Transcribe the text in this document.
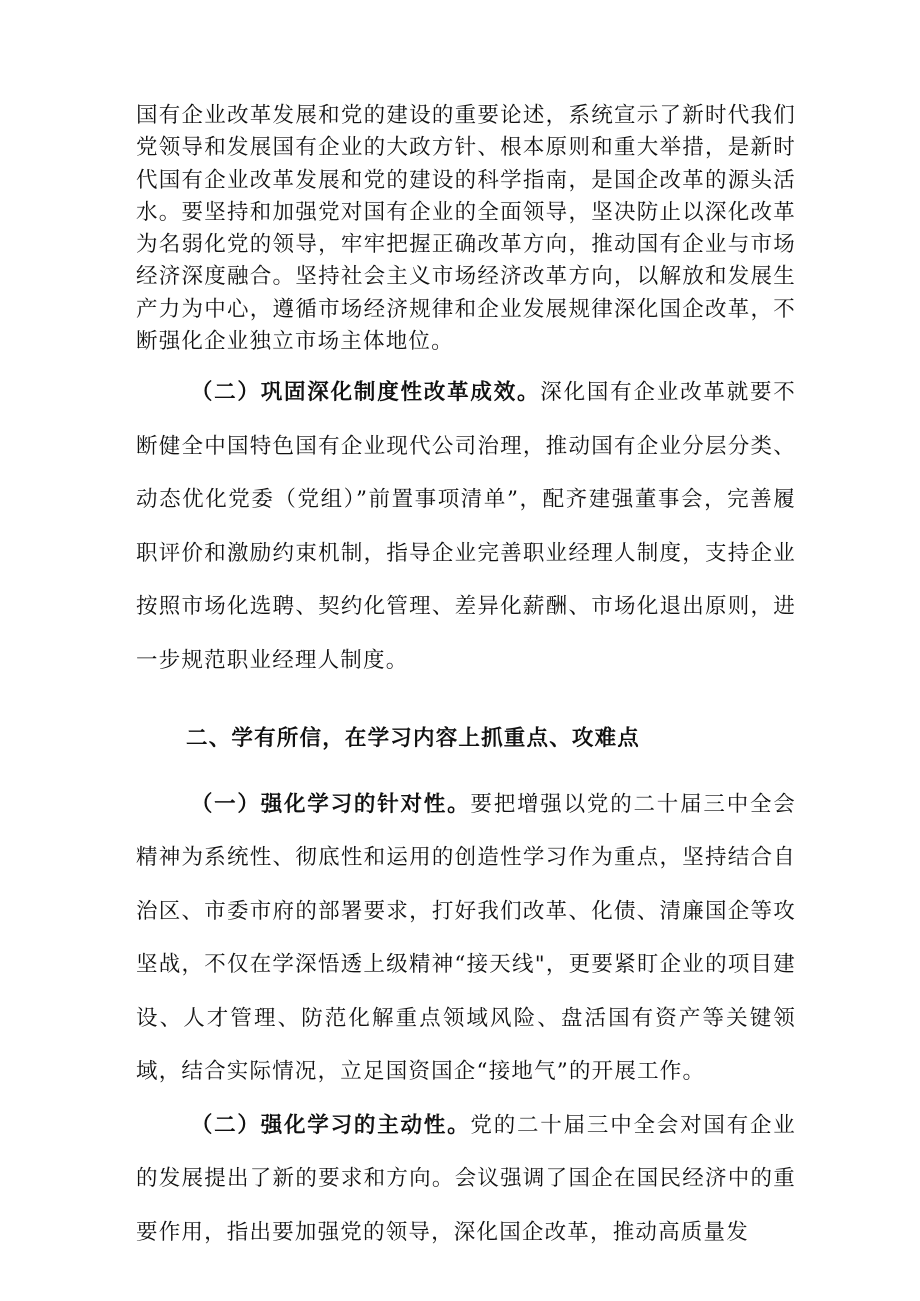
国有企业改革发展和党的建设的重要论述，系统宣示了新时代我们党领导和发展国有企业的大政方针、根本原则和重大举措，是新时代国有企业改革发展和党的建设的科学指南，是国企改革的源头活水。要坚持和加强党对国有企业的全面领导，坚决防止以深化改革为名弱化党的领导，牢牢把握正确改革方向，推动国有企业与市场经济深度融合。坚持社会主义市场经济改革方向，以解放和发展生产力为中心，遵循市场经济规律和企业发展规律深化国企改革，不断强化企业独立市场主体地位。

（二）巩固深化制度性改革成效。深化国有企业改革就要不断健全中国特色国有企业现代公司治理，推动国有企业分层分类、动态优化党委（党组）”前置事项清单”，配齐建强董事会，完善履职评价和激励约束机制，指导企业完善职业经理人制度，支持企业按照市场化选聘、契约化管理、差异化薪酬、市场化退出原则，进一步规范职业经理人制度。

二、学有所信，在学习内容上抓重点、攻难点

（一）强化学习的针对性。要把增强以党的二十届三中全会精神为系统性、彻底性和运用的创造性学习作为重点，坚持结合自治区、市委市府的部署要求，打好我们改革、化债、清廉国企等攻坚战，不仅在学深悟透上级精神“接天线"，更要紧盯企业的项目建设、人才管理、防范化解重点领域风险、盘活国有资产等关键领域，结合实际情况，立足国资国企“接地气”的开展工作。

（二）强化学习的主动性。党的二十届三中全会对国有企业的发展提出了新的要求和方向。会议强调了国企在国民经济中的重要作用，指出要加强党的领导，深化国企改革，推动高质量发
